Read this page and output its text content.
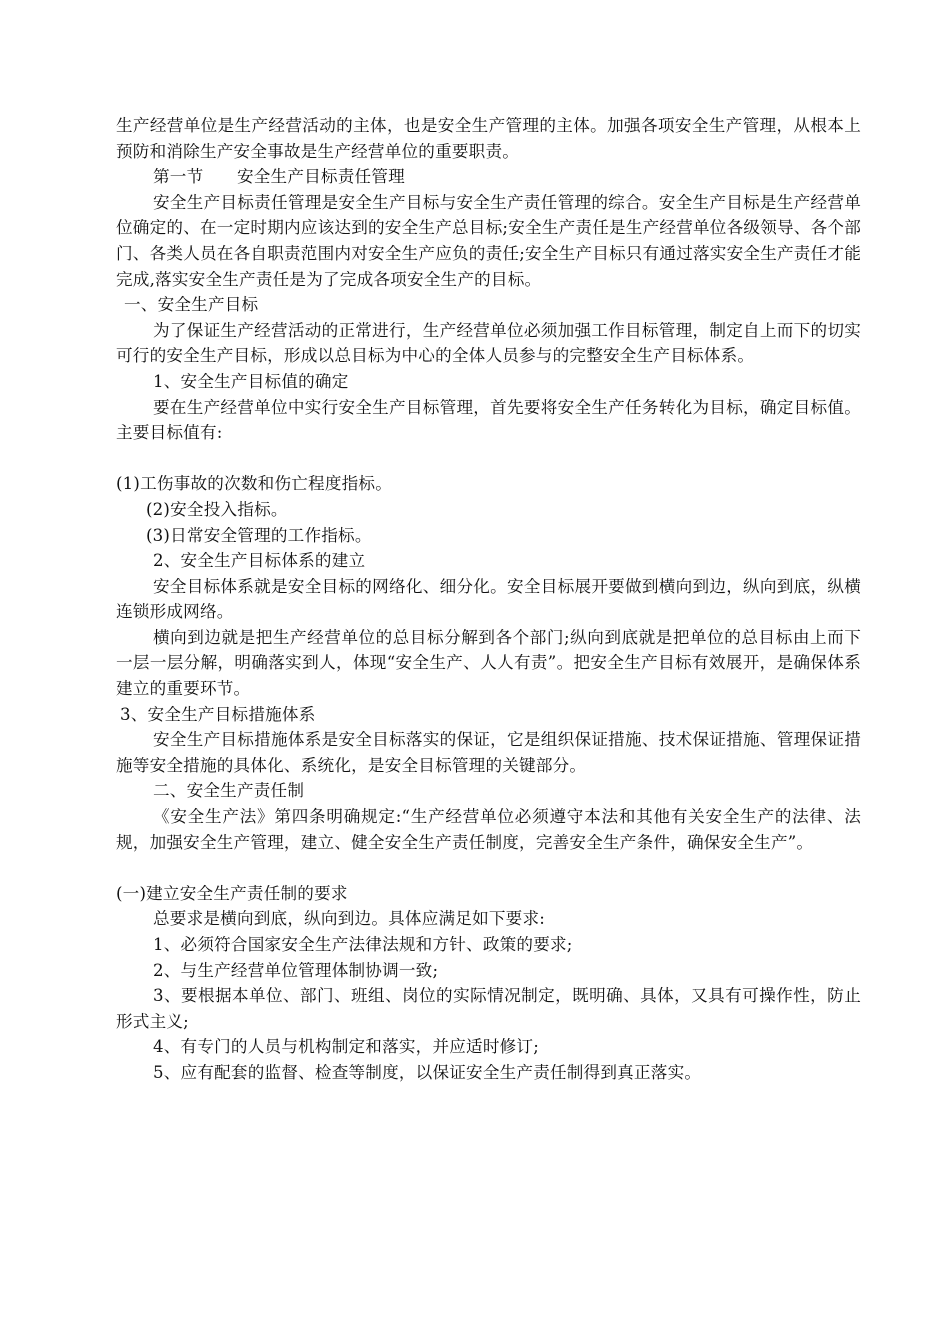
生产经营单位是生产经营活动的主体，也是安全生产管理的主体。加强各项安全生产管理，从根本上预防和消除生产安全事故是生产经营单位的重要职责。

第一节　　安全生产目标责任管理

安全生产目标责任管理是安全生产目标与安全生产责任管理的综合。安全生产目标是生产经营单位确定的、在一定时期内应该达到的安全生产总目标;安全生产责任是生产经营单位各级领导、各个部门、各类人员在各自职责范围内对安全生产应负的责任;安全生产目标只有通过落实安全生产责任才能完成,落实安全生产责任是为了完成各项安全生产的目标。

一、安全生产目标

为了保证生产经营活动的正常进行，生产经营单位必须加强工作目标管理，制定自上而下的切实可行的安全生产目标，形成以总目标为中心的全体人员参与的完整安全生产目标体系。

1、安全生产目标值的确定

要在生产经营单位中实行安全生产目标管理，首先要将安全生产任务转化为目标，确定目标值。主要目标值有:

(1)工伤事故的次数和伤亡程度指标。

(2)安全投入指标。

(3)日常安全管理的工作指标。

2、安全生产目标体系的建立

安全目标体系就是安全目标的网络化、细分化。安全目标展开要做到横向到边，纵向到底，纵横连锁形成网络。

横向到边就是把生产经营单位的总目标分解到各个部门;纵向到底就是把单位的总目标由上而下一层一层分解，明确落实到人，体现“安全生产、人人有责”。把安全生产目标有效展开，是确保体系建立的重要环节。

3、安全生产目标措施体系

安全生产目标措施体系是安全目标落实的保证，它是组织保证措施、技术保证措施、管理保证措施等安全措施的具体化、系统化，是安全目标管理的关键部分。

二、安全生产责任制

《安全生产法》第四条明确规定:“生产经营单位必须遵守本法和其他有关安全生产的法律、法规，加强安全生产管理，建立、健全安全生产责任制度，完善安全生产条件，确保安全生产”。

(一)建立安全生产责任制的要求

总要求是横向到底，纵向到边。具体应满足如下要求:

1、必须符合国家安全生产法律法规和方针、政策的要求;

2、与生产经营单位管理体制协调一致;

3、要根据本单位、部门、班组、岗位的实际情况制定，既明确、具体，又具有可操作性，防止形式主义;

4、有专门的人员与机构制定和落实，并应适时修订;

5、应有配套的监督、检查等制度，以保证安全生产责任制得到真正落实。
